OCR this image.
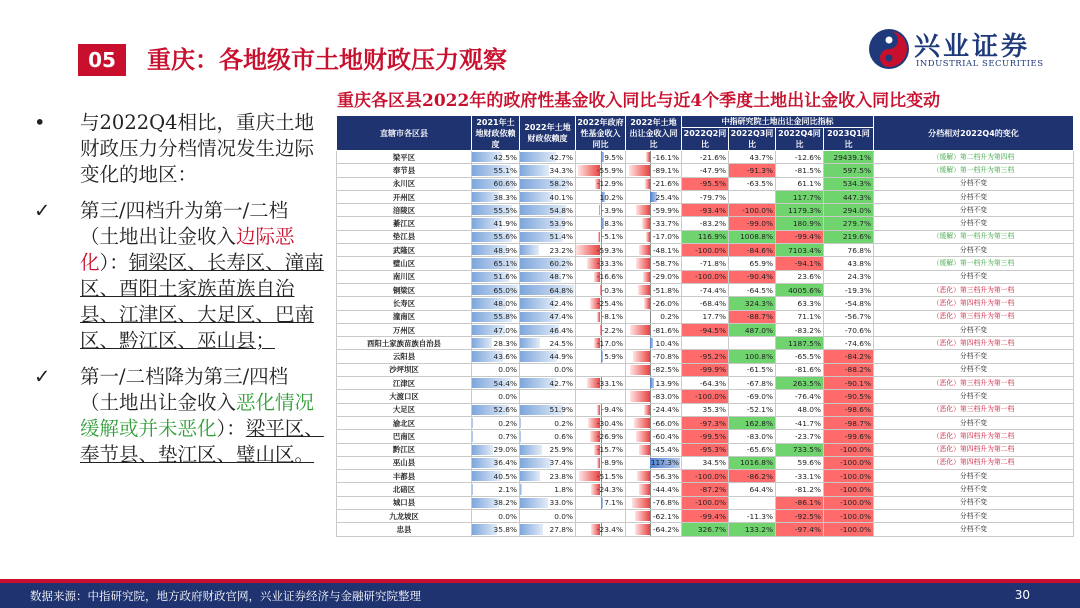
05	重庆：各地级市土地财政压力观察	兴业证券
INDUSTRIAL SECURITIES
重庆各区县2022年的政府性基金收入同比与近4个季度土地出让金收入同比变动
•	与2022Q4相比，重庆土地财政压力分档情况发生边际变化的地区：
✓ 第三/四档升为第一/二档
（土地出让金收入边际恶化）：铜梁区、长寿区、潼南区、酉阳土家族苗族自治县、江津区、大足区、巴南区、黔江区、巫山县；
✓ 第一/二档降为第三/四档
（土地出让金收入恶化情况缓解或并未恶化）：梁平区、奉节县、垫江区、璧山区。
直辖市各区县	2021年土地财政依赖度	2022年土地财政依赖度	2022年政府性基金收入同比	2022年土地出让金收入同比	中指研究院土地出让金同比指标				分档相对2022Q4的变化
					2022Q2同比	2022Q3同比	2022Q4同比	2023Q1同比	
梁平区	42.5%	42.7%	9.5%	-16.1%	-21.6%	43.7%	-12.6%	29439.1%	（缓解）第二档升为第四档
奉节县	55.1%	34.3%	-55.9%	-89.1%	-47.9%	-91.3%	-81.5%	597.5%	（缓解）第一档升为第三档
永川区	60.6%	58.2%	-12.9%	-21.6%	-95.5%	-63.5%	61.1%	534.3%	分档不变
开州区	38.3%	40.1%	10.2%	25.4%	-79.7%		117.7%	447.3%	分档不变
涪陵区	55.5%	54.8%	-3.9%	-59.9%	-93.4%	-100.0%	1179.3%	294.0%	分档不变
綦江区	41.9%	53.9%	8.3%	-33.7%	-83.2%	-99.0%	180.9%	279.7%	分档不变
垫江县	55.6%	51.4%	-5.1%	-17.0%	116.9%	1008.8%	-99.4%	219.6%	（缓解）第一档升为第三档
武隆区	48.9%	23.2%	-59.3%	-48.1%	-100.0%	-84.6%	7103.4%	76.8%	分档不变
璧山区	65.1%	60.2%	-33.3%	-58.7%	-71.8%	65.9%	-94.1%	43.8%	（缓解）第一档升为第三档
南川区	51.6%	48.7%	-16.6%	-29.0%	-100.0%	-90.4%	23.6%	24.3%	分档不变
铜梁区	65.0%	64.8%	-0.3%	-51.8%	-74.4%	-64.5%	4005.6%	-19.3%	（恶化）第三档升为第一档
长寿区	48.0%	42.4%	-25.4%	-26.0%	-68.4%	324.3%	63.3%	-54.8%	（恶化）第四档升为第一档
潼南区	55.8%	47.4%	-8.1%	0.2%	17.7%	-88.7%	71.1%	-56.7%	（恶化）第三档升为第一档
万州区	47.0%	46.4%	-2.2%	-81.6%	-94.5%	487.0%	-83.2%	-70.6%	分档不变
酉阳土家族苗族自治县	28.3%	24.5%	-17.0%	10.4%			1187.5%	-74.6%	（恶化）第四档升为第二档
云阳县	43.6%	44.9%	5.9%	-70.8%	-95.2%	100.8%	-65.5%	-84.2%	分档不变
沙坪坝区	0.0%	0.0%		-82.5%	-99.9%	-61.5%	-81.6%	-88.2%	分档不变
江津区	54.4%	42.7%	-33.1%	13.9%	-64.3%	-67.8%	263.5%	-90.1%	（恶化）第三档升为第一档
大渡口区	0.0%			-83.0%	-100.0%	-69.0%	-76.4%	-90.5%	分档不变
大足区	52.6%	51.9%	-9.4%	-24.4%	35.3%	-52.1%	48.0%	-98.6%	（恶化）第三档升为第一档
渝北区	0.2%	0.2%	-30.4%	-66.0%	-97.3%	162.8%	-41.7%	-98.7%	分档不变
巴南区	0.7%	0.6%	-26.9%	-60.4%	-99.5%	-83.0%	-23.7%	-99.6%	（恶化）第四档升为第二档
黔江区	29.0%	25.9%	-15.7%	-45.4%	-95.3%	-65.6%	733.5%	-100.0%	（恶化）第四档升为第二档
巫山县	36.4%	37.4%	-8.9%	117.3%	34.5%	1016.8%	59.6%	-100.0%	（恶化）第四档升为第二档
丰都县	40.5%	23.8%	-51.5%	-56.3%	-100.0%	-86.2%	-33.1%	-100.0%	分档不变
北碚区	2.1%	1.8%	-24.3%	-44.4%	-87.2%	64.4%	-81.2%	-100.0%	分档不变
城口县	38.2%	33.0%	7.1%	-76.8%	-100.0%		-86.1%	-100.0%	分档不变
九龙坡区	0.0%	0.0%		-62.1%	-99.4%	-11.3%	-92.5%	-100.0%	分档不变
忠县	35.8%	27.8%	-23.4%	-64.2%	326.7%	133.2%	-97.4%	-100.0%	分档不变
数据来源：中指研究院，地方政府财政官网，兴业证券经济与金融研究院整理	30
